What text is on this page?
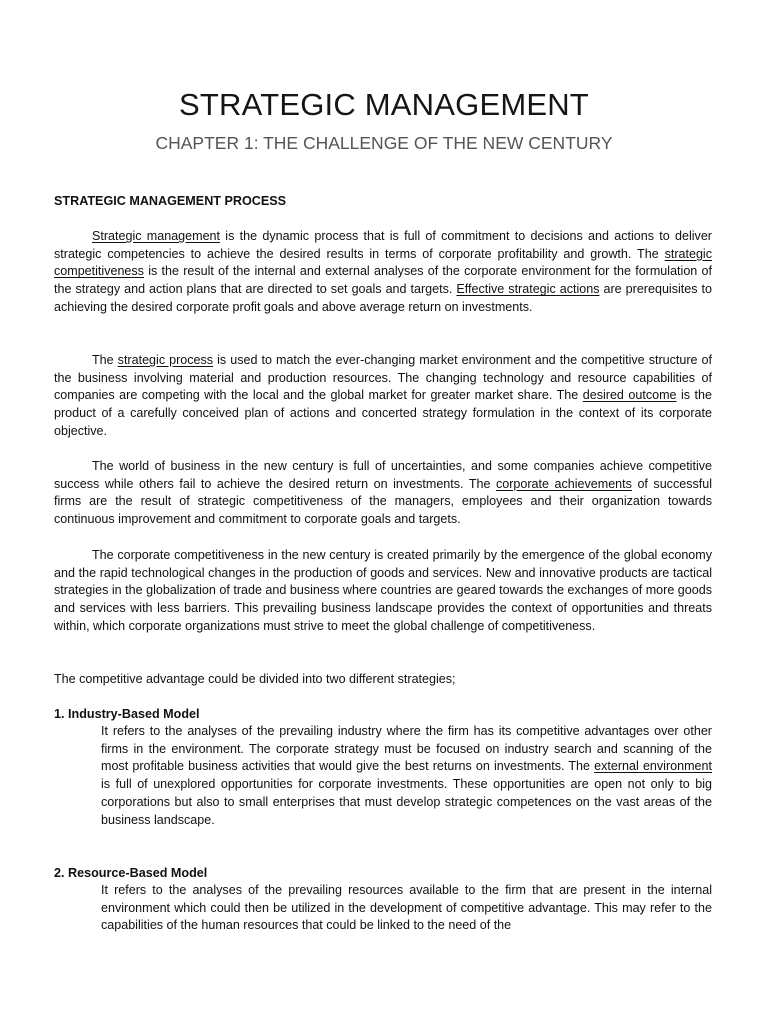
STRATEGIC MANAGEMENT
CHAPTER 1: THE CHALLENGE OF THE NEW CENTURY
STRATEGIC MANAGEMENT PROCESS

Strategic management is the dynamic process that is full of commitment to decisions and actions to deliver strategic competencies to achieve the desired results in terms of corporate profitability and growth. The strategic competitiveness is the result of the internal and external analyses of the corporate environment for the formulation of the strategy and action plans that are directed to set goals and targets. Effective strategic actions are prerequisites to achieving the desired corporate profit goals and above average return on investments.

The strategic process is used to match the ever-changing market environment and the competitive structure of the business involving material and production resources. The changing technology and resource capabilities of companies are competing with the local and the global market for greater market share. The desired outcome is the product of a carefully conceived plan of actions and concerted strategy formulation in the context of its corporate objective.

The world of business in the new century is full of uncertainties, and some companies achieve competitive success while others fail to achieve the desired return on investments. The corporate achievements of successful firms are the result of strategic competitiveness of the managers, employees and their organization towards continuous improvement and commitment to corporate goals and targets.

The corporate competitiveness in the new century is created primarily by the emergence of the global economy and the rapid technological changes in the production of goods and services. New and innovative products are tactical strategies in the globalization of trade and business where countries are geared towards the exchanges of more goods and services with less barriers. This prevailing business landscape provides the context of opportunities and threats within, which corporate organizations must strive to meet the global challenge of competitiveness.

The competitive advantage could be divided into two different strategies;

1. Industry-Based Model

It refers to the analyses of the prevailing industry where the firm has its competitive advantages over other firms in the environment. The corporate strategy must be focused on industry search and scanning of the most profitable business activities that would give the best returns on investments. The external environment is full of unexplored opportunities for corporate investments. These opportunities are open not only to big corporations but also to small enterprises that must develop strategic competences on the vast areas of the business landscape.

2. Resource-Based Model

It refers to the analyses of the prevailing resources available to the firm that are present in the internal environment which could then be utilized in the development of competitive advantage. This may refer to the capabilities of the human resources that could be linked to the need of the
